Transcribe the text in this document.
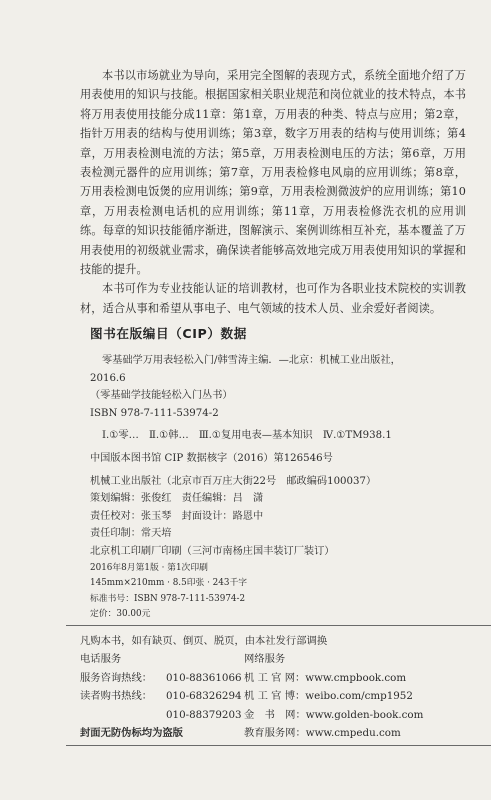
本书以市场就业为导向，采用完全图解的表现方式，系统全面地介绍了万用表使用的知识与技能。根据国家相关职业规范和岗位就业的技术特点，本书将万用表使用技能分成11章：第1章，万用表的种类、特点与应用；第2章，指针万用表的结构与使用训练；第3章，数字万用表的结构与使用训练；第4章，万用表检测电流的方法；第5章，万用表检测电压的方法；第6章，万用表检测元器件的应用训练；第7章，万用表检修电风扇的应用训练；第8章，万用表检测电饭煲的应用训练；第9章，万用表检测微波炉的应用训练；第10章，万用表检测电话机的应用训练；第11章，万用表检修洗衣机的应用训练。每章的知识技能循序渐进，图解演示、案例训练相互补充，基本覆盖了万用表使用的初级就业需求，确保读者能够高效地完成万用表使用知识的掌握和技能的提升。

本书可作为专业技能认证的培训教材，也可作为各职业技术院校的实训教材，适合从事和希望从事电子、电气领域的技术人员、业余爱好者阅读。

图书在版编目（CIP）数据
零基础学万用表轻松入门/韩雪涛主编．—北京：机械工业出版社，
2016.6
（零基础学技能轻松入门丛书）
ISBN 978-7-111-53974-2
Ⅰ.①零…　Ⅱ.①韩…　Ⅲ.①复用电表—基本知识　Ⅳ.①TM938.1
中国版本图书馆 CIP 数据核字（2016）第126546号
机械工业出版社（北京市百万庄大街22号　邮政编码100037）
策划编辑：张俊红　责任编辑：吕　潇
责任校对：张玉琴　封面设计：路恩中
责任印制：常天培
北京机工印刷厂印刷（三河市南杨庄国丰装订厂装订）
2016年8月第1版 · 第1次印刷
145mm×210mm · 8.5印张 · 243千字
标准书号：ISBN 978-7-111-53974-2
定价：30.00元
凡购本书，如有缺页、倒页、脱页，由本社发行部调换
电话服务	网络服务
服务咨询热线：	010-88361066 机 工 官 网：www.cmpbook.com
读者购书热线：	010-68326294 机 工 官 博：weibo.com/cmp1952
010-88379203 金　书　网：www.golden-book.com
封面无防伪标均为盗版	教育服务网：www.cmpedu.com
